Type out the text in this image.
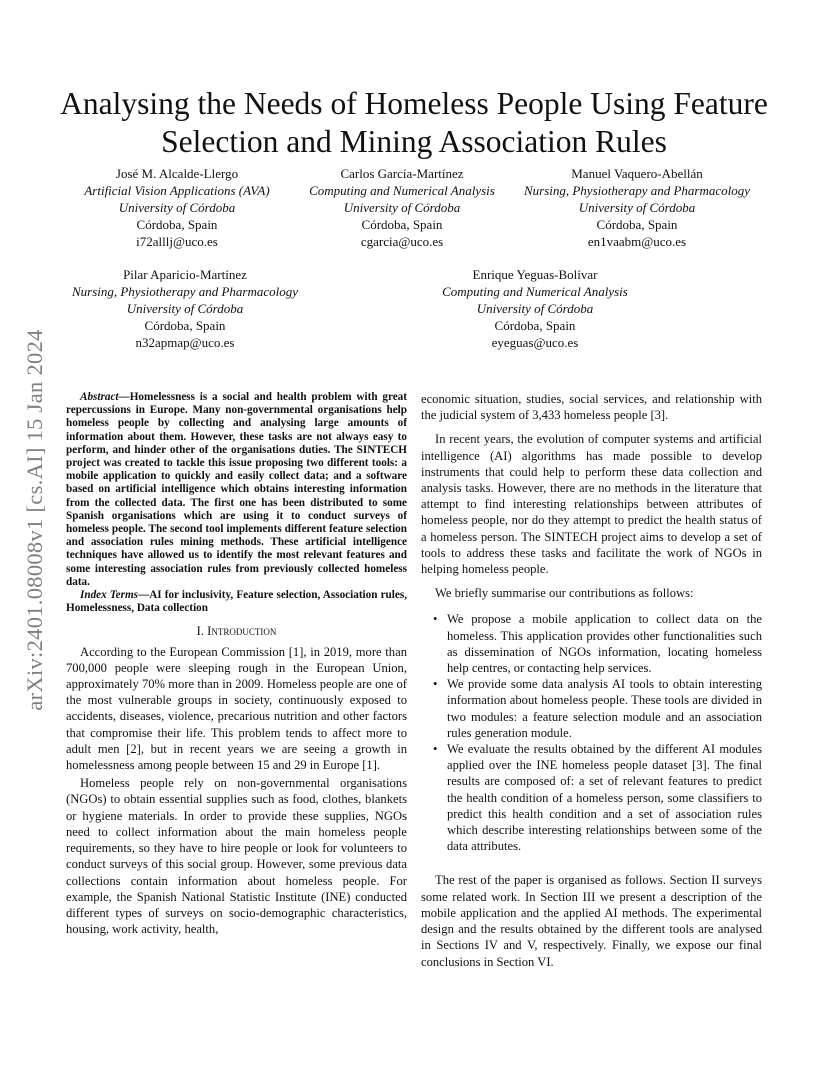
arXiv:2401.08008v1 [cs.AI] 15 Jan 2024
Analysing the Needs of Homeless People Using Feature Selection and Mining Association Rules
José M. Alcalde-Llergo
Artificial Vision Applications (AVA)
University of Córdoba
Córdoba, Spain
i72alllj@uco.es
Carlos García-Martínez
Computing and Numerical Analysis
University of Córdoba
Córdoba, Spain
cgarcia@uco.es
Manuel Vaquero-Abellán
Nursing, Physiotherapy and Pharmacology
University of Córdoba
Córdoba, Spain
en1vaabm@uco.es
Pilar Aparicio-Martínez
Nursing, Physiotherapy and Pharmacology
University of Córdoba
Córdoba, Spain
n32apmap@uco.es
Enrique Yeguas-Bolívar
Computing and Numerical Analysis
University of Córdoba
Córdoba, Spain
eyeguas@uco.es

Abstract—Homelessness is a social and health problem with great repercussions in Europe. Many non-governmental organisations help homeless people by collecting and analysing large amounts of information about them. However, these tasks are not always easy to perform, and hinder other of the organisations duties. The SINTECH project was created to tackle this issue proposing two different tools: a mobile application to quickly and easily collect data; and a software based on artificial intelligence which obtains interesting information from the collected data. The first one has been distributed to some Spanish organisations which are using it to conduct surveys of homeless people. The second tool implements different feature selection and association rules mining methods. These artificial intelligence techniques have allowed us to identify the most relevant features and some interesting association rules from previously collected homeless data.

Index Terms—AI for inclusivity, Feature selection, Association rules, Homelessness, Data collection

I. Introduction

According to the European Commission [1], in 2019, more than 700,000 people were sleeping rough in the European Union, approximately 70% more than in 2009. Homeless people are one of the most vulnerable groups in society, continuously exposed to accidents, diseases, violence, precarious nutrition and other factors that compromise their life. This problem tends to affect more to adult men [2], but in recent years we are seeing a growth in homelessness among people between 15 and 29 in Europe [1].

Homeless people rely on non-governmental organisations (NGOs) to obtain essential supplies such as food, clothes, blankets or hygiene materials. In order to provide these supplies, NGOs need to collect information about the main homeless people requirements, so they have to hire people or look for volunteers to conduct surveys of this social group. However, some previous data collections contain information about homeless people. For example, the Spanish National Statistic Institute (INE) conducted different types of surveys on socio-demographic characteristics, housing, work activity, health,

economic situation, studies, social services, and relationship with the judicial system of 3,433 homeless people [3].

In recent years, the evolution of computer systems and artificial intelligence (AI) algorithms has made possible to develop instruments that could help to perform these data collection and analysis tasks. However, there are no methods in the literature that attempt to find interesting relationships between attributes of homeless people, nor do they attempt to predict the health status of a homeless person. The SINTECH project aims to develop a set of tools to address these tasks and facilitate the work of NGOs in helping homeless people.

We briefly summarise our contributions as follows:

• We propose a mobile application to collect data on the homeless. This application provides other functionalities such as dissemination of NGOs information, locating homeless help centres, or contacting help services.
• We provide some data analysis AI tools to obtain interesting information about homeless people. These tools are divided in two modules: a feature selection module and an association rules generation module.
• We evaluate the results obtained by the different AI modules applied over the INE homeless people dataset [3]. The final results are composed of: a set of relevant features to predict the health condition of a homeless person, some classifiers to predict this health condition and a set of association rules which describe interesting relationships between some of the data attributes.

The rest of the paper is organised as follows. Section II surveys some related work. In Section III we present a description of the mobile application and the applied AI methods. The experimental design and the results obtained by the different tools are analysed in Sections IV and V, respectively. Finally, we expose our final conclusions in Section VI.
